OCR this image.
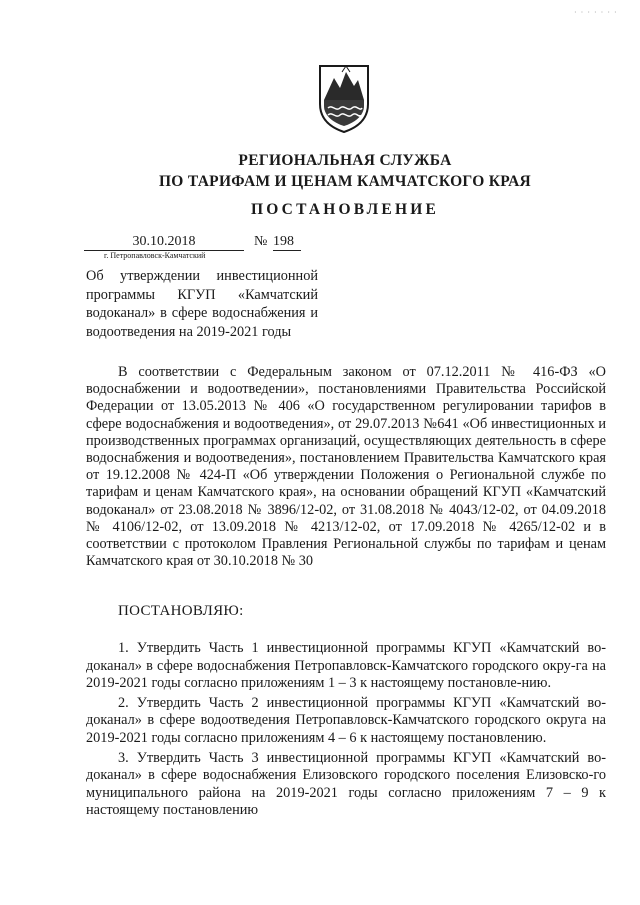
· · · · · · ·
РЕГИОНАЛЬНАЯ СЛУЖБА
ПО ТАРИФАМ И ЦЕНАМ КАМЧАТСКОГО КРАЯ
ПОСТАНОВЛЕНИЕ
30.10.2018	№ 198
г. Петропавловск-Камчатский
Об утверждении инвестиционной программы КГУП «Камчатский водоканал» в сфере водоснабжения и водоотведения на 2019-2021 годы
В соответствии с Федеральным законом от 07.12.2011 № 416-ФЗ «О водоснабжении и водоотведении», постановлениями Правительства Российской Федерации от 13.05.2013 № 406 «О государственном регулировании тарифов в сфере водоснабжения и водоотведения», от 29.07.2013 №641 «Об инвестиционных и производственных программах организаций, осуществляющих деятельность в сфере водоснабжения и водоотведения», постановлением Правительства Камчатского края от 19.12.2008 № 424-П «Об утверждении Положения о Региональной службе по тарифам и ценам Камчатского края», на основании обращений КГУП «Камчатский водоканал» от 23.08.2018 № 3896/12-02, от 31.08.2018 № 4043/12-02, от 04.09.2018 № 4106/12-02, от 13.09.2018 № 4213/12-02, от 17.09.2018 № 4265/12-02 и в соответствии с протоколом Правления Региональной службы по тарифам и ценам Камчатского края от 30.10.2018 № 30
ПОСТАНОВЛЯЮ:

1. Утвердить Часть 1 инвестиционной программы КГУП «Камчатский во-доканал» в сфере водоснабжения Петропавловск-Камчатского городского окру-га на 2019-2021 годы согласно приложениям 1 – 3 к настоящему постановле-нию.

2. Утвердить Часть 2 инвестиционной программы КГУП «Камчатский во-доканал» в сфере водоотведения Петропавловск-Камчатского городского округа на 2019-2021 годы согласно приложениям 4 – 6 к настоящему постановлению.

3. Утвердить Часть 3 инвестиционной программы КГУП «Камчатский во-доканал» в сфере водоснабжения Елизовского городского поселения Елизовско-го муниципального района на 2019-2021 годы согласно приложениям 7 – 9 к настоящему постановлению
